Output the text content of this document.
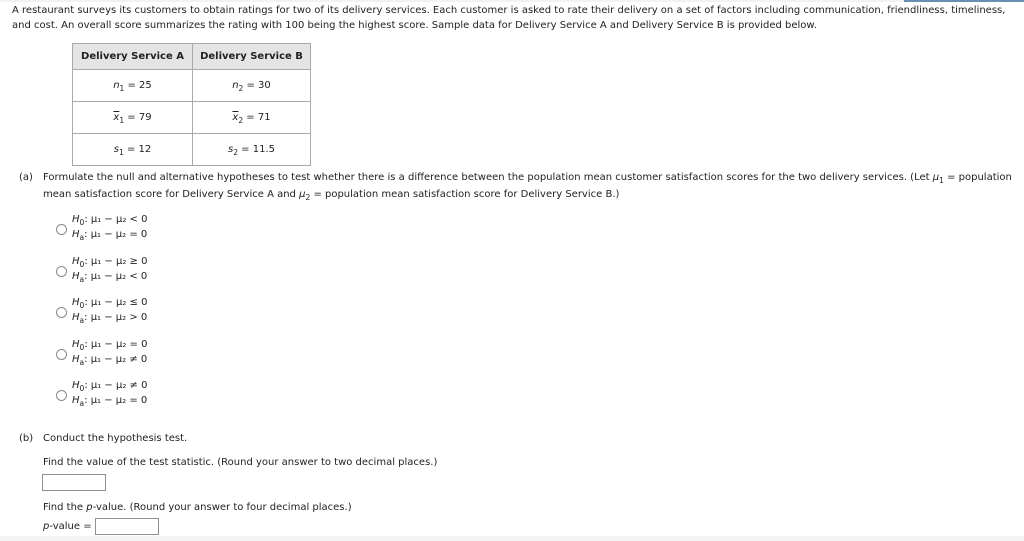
A restaurant surveys its customers to obtain ratings for two of its delivery services. Each customer is asked to rate their delivery on a set of factors including communication, friendliness, timeliness, and cost. An overall score summarizes the rating with 100 being the highest score. Sample data for Delivery Service A and Delivery Service B is provided below.
Delivery Service A	Delivery Service B
$n_1 = 25$	$n_2 = 30$
$\overline{x}_1 = 79$	$\overline{x}_2 = 71$
$s_1 = 12$	$s_2 = 11.5$
(a) Formulate the null and alternative hypotheses to test whether there is a difference between the population mean customer satisfaction scores for the two delivery services. (Let $\mu_1$ = population
mean satisfaction score for Delivery Service A and $\mu_2$ = population mean satisfaction score for Delivery Service B.)
$H_0$: μ₁ − μ₂ < 0
$H_a$: μ₁ − μ₂ = 0
$H_0$: μ₁ − μ₂ ≥ 0
$H_a$: μ₁ − μ₂ < 0
$H_0$: μ₁ − μ₂ ≤ 0
$H_a$: μ₁ − μ₂ > 0
$H_0$: μ₁ − μ₂ = 0
$H_a$: μ₁ − μ₂ ≠ 0
$H_0$: μ₁ − μ₂ ≠ 0
$H_a$: μ₁ − μ₂ = 0
(b) Conduct the hypothesis test.
Find the value of the test statistic. (Round your answer to two decimal places.)
Find the p-value. (Round your answer to four decimal places.)
p-value =
